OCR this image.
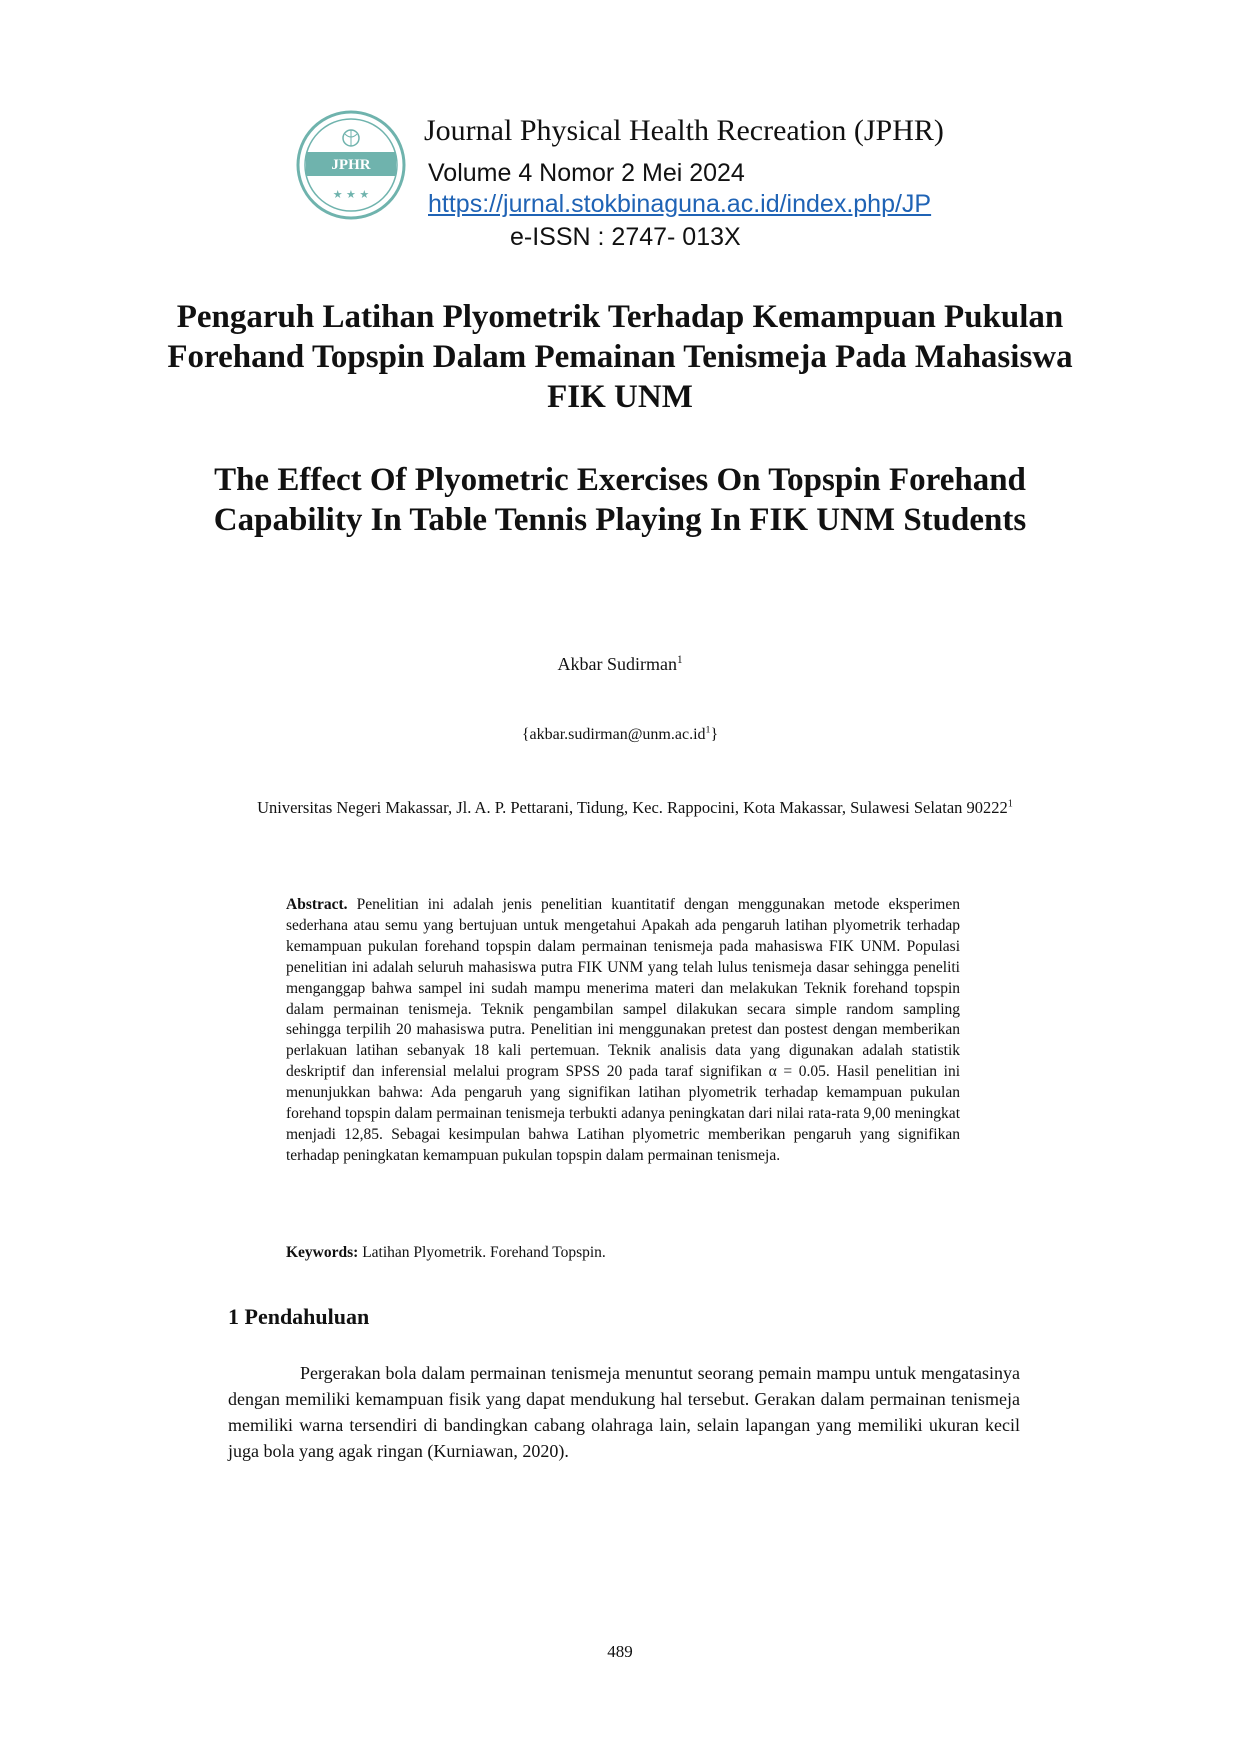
JPHR
★ ★ ★
Journal Physical Health Recreation (JPHR)
Volume 4 Nomor 2 Mei 2024
https://jurnal.stokbinaguna.ac.id/index.php/JP
e-ISSN : 2747- 013X
Pengaruh Latihan Plyometrik Terhadap Kemampuan Pukulan Forehand Topspin Dalam Pemainan Tenismeja Pada Mahasiswa FIK UNM
The Effect Of Plyometric Exercises On Topspin Forehand Capability In Table Tennis Playing In FIK UNM Students
Akbar Sudirman$^1$
$\{akbar.sudirman@unm.ac.id^1\}$
Universitas Negeri Makassar, Jl. A. P. Pettarani, Tidung, Kec. Rappocini, Kota Makassar, Sulawesi Selatan 90222$^1$
Abstract. Penelitian ini adalah jenis penelitian kuantitatif dengan menggunakan metode eksperimen sederhana atau semu yang bertujuan untuk mengetahui Apakah ada pengaruh latihan plyometrik terhadap kemampuan pukulan forehand topspin dalam permainan tenismeja pada mahasiswa FIK UNM. Populasi penelitian ini adalah seluruh mahasiswa putra FIK UNM yang telah lulus tenismeja dasar sehingga peneliti menganggap bahwa sampel ini sudah mampu menerima materi dan melakukan Teknik forehand topspin dalam permainan tenismeja. Teknik pengambilan sampel dilakukan secara simple random sampling sehingga terpilih 20 mahasiswa putra. Penelitian ini menggunakan pretest dan postest dengan memberikan perlakuan latihan sebanyak 18 kali pertemuan. Teknik analisis data yang digunakan adalah statistik deskriptif dan inferensial melalui program SPSS 20 pada taraf signifikan α = 0.05. Hasil penelitian ini menunjukkan bahwa: Ada pengaruh yang signifikan latihan plyometrik terhadap kemampuan pukulan forehand topspin dalam permainan tenismeja terbukti adanya peningkatan dari nilai rata-rata 9,00 meningkat menjadi 12,85. Sebagai kesimpulan bahwa Latihan plyometric memberikan pengaruh yang signifikan terhadap peningkatan kemampuan pukulan topspin dalam permainan tenismeja.
Keywords: Latihan Plyometrik. Forehand Topspin.
1 Pendahuluan
Pergerakan bola dalam permainan tenismeja menuntut seorang pemain mampu untuk mengatasinya dengan memiliki kemampuan fisik yang dapat mendukung hal tersebut. Gerakan dalam permainan tenismeja memiliki warna tersendiri di bandingkan cabang olahraga lain, selain lapangan yang memiliki ukuran kecil juga bola yang agak ringan (Kurniawan, 2020).
489
